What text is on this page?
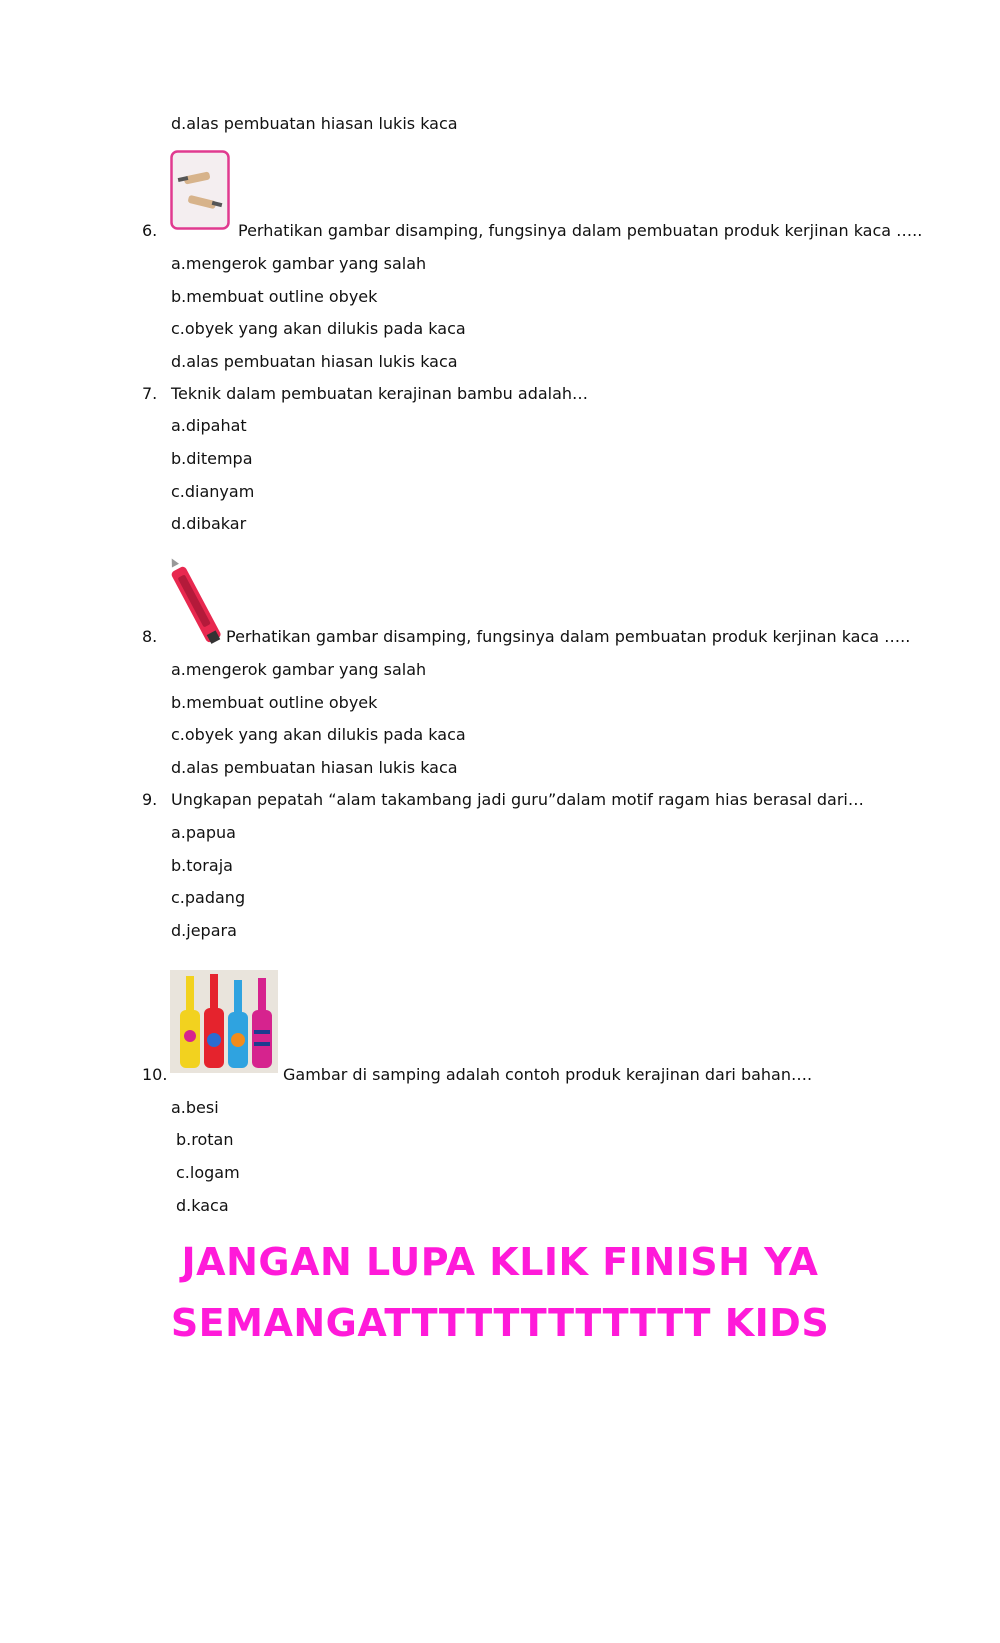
d.alas pembuatan hiasan lukis kaca
6.	Perhatikan gambar disamping, fungsinya dalam pembuatan produk kerjinan kaca …..
a.mengerok gambar yang salah
b.membuat outline obyek
c.obyek yang akan dilukis pada kaca
d.alas pembuatan hiasan lukis kaca
7. Teknik dalam pembuatan kerajinan bambu adalah…
a.dipahat
b.ditempa
c.dianyam
d.dibakar
8.	Perhatikan gambar disamping, fungsinya dalam pembuatan produk kerjinan kaca …..
a.mengerok gambar yang salah
b.membuat outline obyek
c.obyek yang akan dilukis pada kaca
d.alas pembuatan hiasan lukis kaca
9. Ungkapan pepatah “alam takambang jadi guru”dalam motif ragam hias berasal dari…
a.papua
b.toraja
c.padang
d.jepara
10.	Gambar di samping adalah contoh produk kerajinan dari bahan….
a.besi
b.rotan
c.logam
d.kaca
JANGAN LUPA KLIK FINISH YA
SEMANGATTTTTTTTTTTT KIDS
